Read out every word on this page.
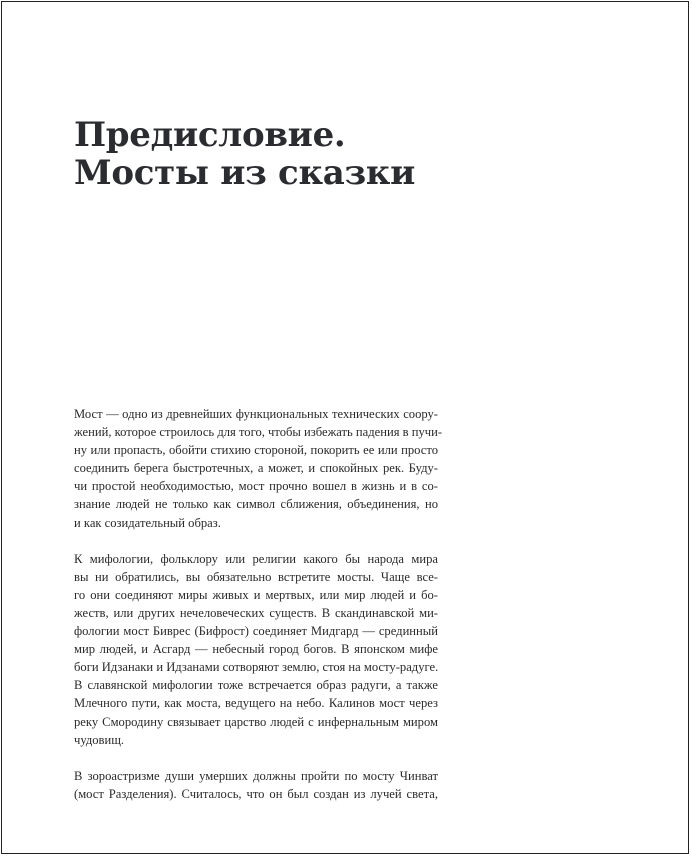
Предисловие.
Мосты из сказки

Мост — одно из древнейших функциональных технических соору-
жений, которое строилось для того, чтобы избежать падения в пучи-
ну или пропасть, обойти стихию стороной, покорить ее или просто
соединить берега быстротечных, а может, и спокойных рек. Буду-
чи простой необходимостью, мост прочно вошел в жизнь и в со-
знание людей не только как символ сближения, объединения, но
и как созидательный образ.

К мифологии, фольклору или религии какого бы народа мира
вы ни обратились, вы обязательно встретите мосты. Чаще все-
го они соединяют миры живых и мертвых, или мир людей и бо-
жеств, или других нечеловеческих существ. В скандинавской ми-
фологии мост Биврес (Бифрост) соединяет Мидгард — срединный
мир людей, и Асгард — небесный город богов. В японском мифе
боги Идзанаки и Идзанами сотворяют землю, стоя на мосту-радуге.
В славянской мифологии тоже встречается образ радуги, а также
Млечного пути, как моста, ведущего на небо. Калинов мост через
реку Смородину связывает царство людей с инфернальным миром
чудовищ.

В зороастризме души умерших должны пройти по мосту Чинват
(мост Разделения). Считалось, что он был создан из лучей света,
